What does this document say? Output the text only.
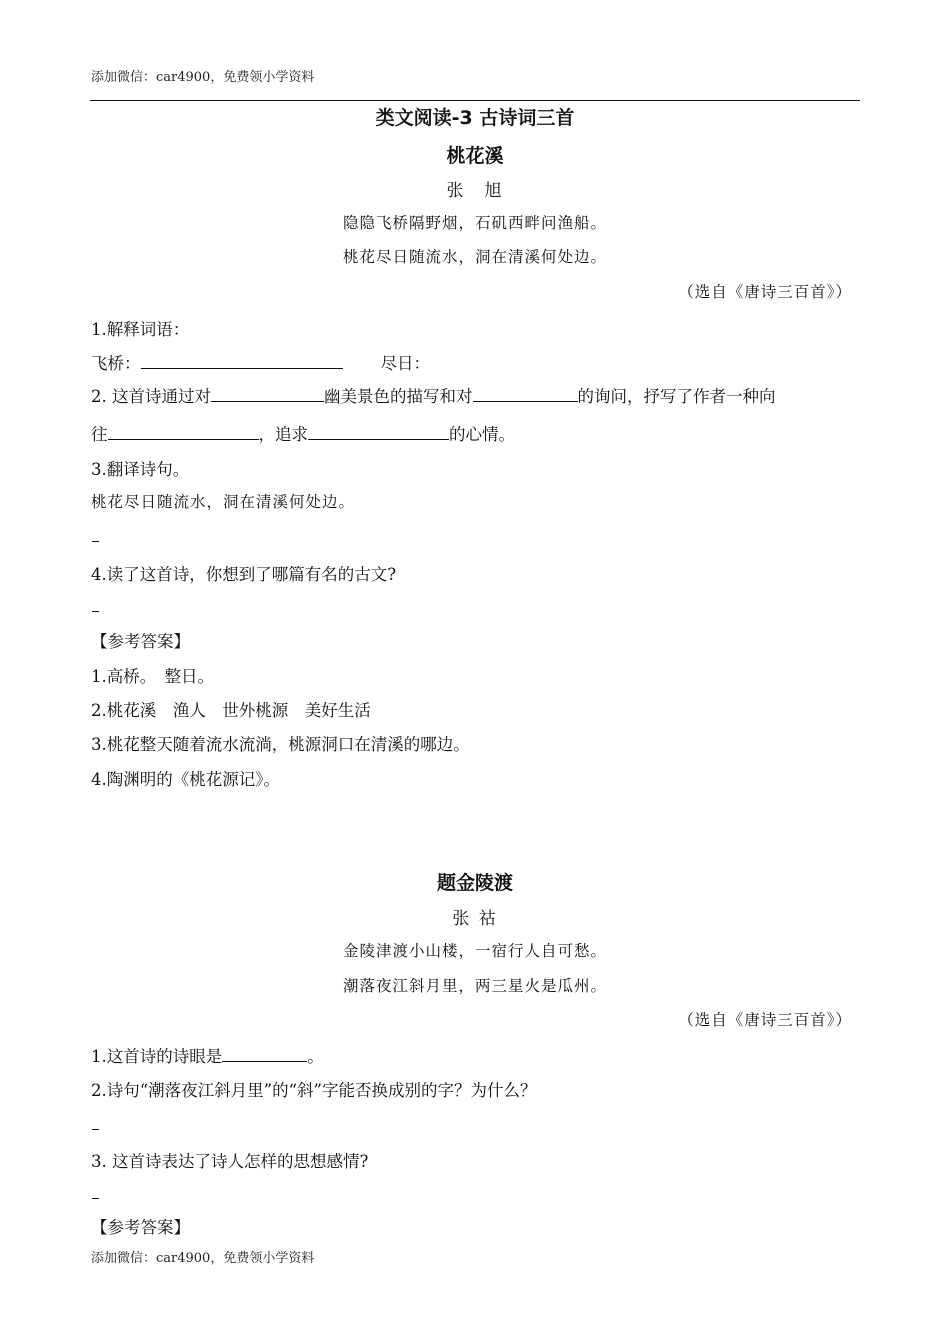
添加微信：car4900，免费领小学资料
类文阅读-3 古诗词三首
桃花溪
张　旭
隐隐飞桥隔野烟，石矶西畔问渔船。
桃花尽日随流水，洞在清溪何处边。
（选自《唐诗三百首》）
1.解释词语：
飞桥：	尽日：
2. 这首诗通过对	幽美景色的描写和对	的询问，抒写了作者一种向
往	，追求	的心情。
3.翻译诗句。
桃花尽日随流水，洞在清溪何处边。
4.读了这首诗，你想到了哪篇有名的古文?
【参考答案】
1.高桥。　整日。
2.桃花溪　渔人　世外桃源　美好生活
3.桃花整天随着流水流淌，桃源洞口在清溪的哪边。
4.陶渊明的《桃花源记》。
题金陵渡
张 祜
金陵津渡小山楼，一宿行人自可愁。
潮落夜江斜月里，两三星火是瓜州。
（选自《唐诗三百首》）
1.这首诗的诗眼是	。
2.诗句“潮落夜江斜月里”的“斜”字能否换成别的字？为什么？
3. 这首诗表达了诗人怎样的思想感情?
【参考答案】
添加微信：car4900，免费领小学资料
